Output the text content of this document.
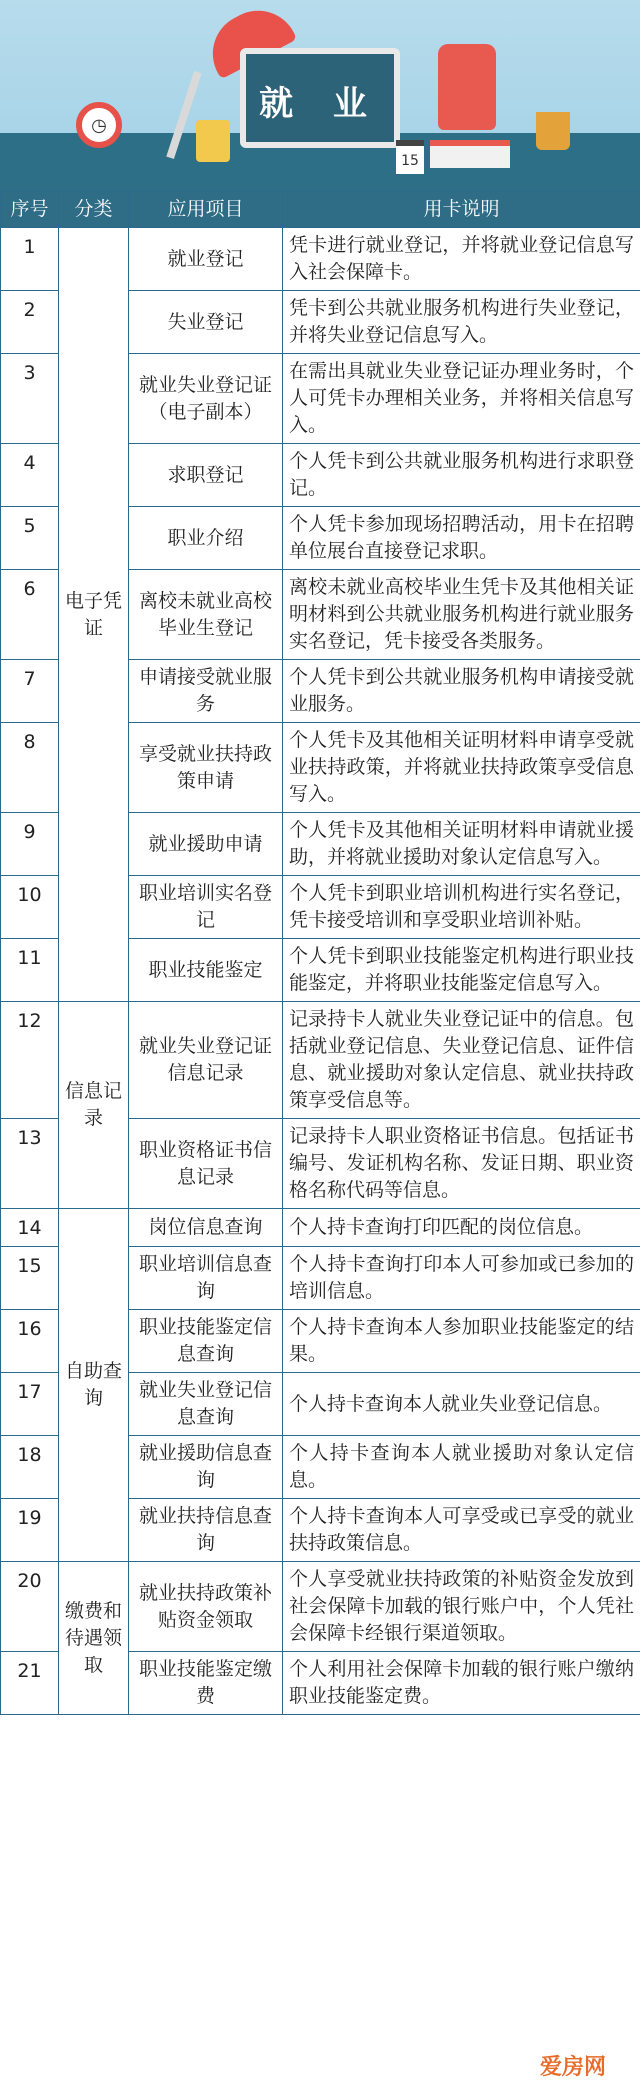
◷
就 业
15
序号	分类	应用项目	用卡说明
1	电子凭证	就业登记	凭卡进行就业登记，并将就业登记信息写入社会保障卡。
2		失业登记	凭卡到公共就业服务机构进行失业登记，并将失业登记信息写入。
3		就业失业登记证（电子副本）	在需出具就业失业登记证办理业务时，个人可凭卡办理相关业务，并将相关信息写入。
4		求职登记	个人凭卡到公共就业服务机构进行求职登记。
5		职业介绍	个人凭卡参加现场招聘活动，用卡在招聘单位展台直接登记求职。
6		离校未就业高校毕业生登记	离校未就业高校毕业生凭卡及其他相关证明材料到公共就业服务机构进行就业服务实名登记，凭卡接受各类服务。
7		申请接受就业服务	个人凭卡到公共就业服务机构申请接受就业服务。
8		享受就业扶持政策申请	个人凭卡及其他相关证明材料申请享受就业扶持政策，并将就业扶持政策享受信息写入。
9		就业援助申请	个人凭卡及其他相关证明材料申请就业援助，并将就业援助对象认定信息写入。
10		职业培训实名登记	个人凭卡到职业培训机构进行实名登记，凭卡接受培训和享受职业培训补贴。
11		职业技能鉴定	个人凭卡到职业技能鉴定机构进行职业技能鉴定，并将职业技能鉴定信息写入。
12	信息记录	就业失业登记证信息记录	记录持卡人就业失业登记证中的信息。包括就业登记信息、失业登记信息、证件信息、就业援助对象认定信息、就业扶持政策享受信息等。
13		职业资格证书信息记录	记录持卡人职业资格证书信息。包括证书编号、发证机构名称、发证日期、职业资格名称代码等信息。
14	自助查询	岗位信息查询	个人持卡查询打印匹配的岗位信息。
15		职业培训信息查询	个人持卡查询打印本人可参加或已参加的培训信息。
16		职业技能鉴定信息查询	个人持卡查询本人参加职业技能鉴定的结果。
17		就业失业登记信息查询	个人持卡查询本人就业失业登记信息。
18		就业援助信息查询	个人持卡查询本人就业援助对象认定信息。
19		就业扶持信息查询	个人持卡查询本人可享受或已享受的就业扶持政策信息。
20	缴费和待遇领取	就业扶持政策补贴资金领取	个人享受就业扶持政策的补贴资金发放到社会保障卡加载的银行账户中，个人凭社会保障卡经银行渠道领取。
21		职业技能鉴定缴费	个人利用社会保障卡加载的银行账户缴纳职业技能鉴定费。
爱房网
